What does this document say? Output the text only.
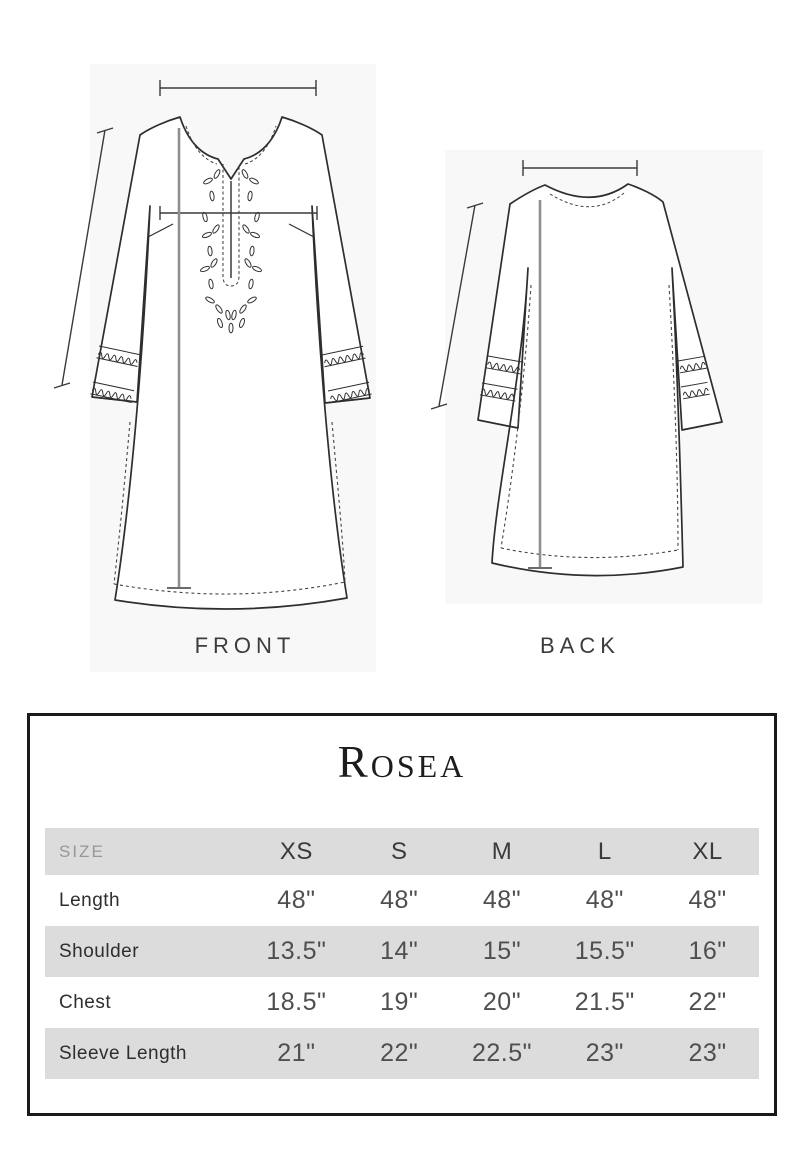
FRONT	BACK
Rosea
SIZE	XS	S	M	L	XL
Length	48"	48"	48"	48"	48"
Shoulder	13.5"	14"	15"	15.5"	16"
Chest	18.5"	19"	20"	21.5"	22"
Sleeve Length	21"	22"	22.5"	23"	23"
